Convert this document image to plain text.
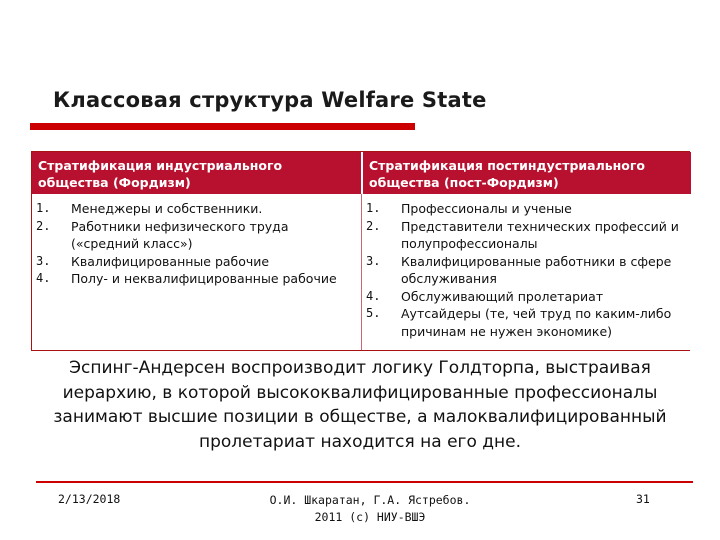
Классовая структура Welfare State
Стратификация индустриального общества (Фордизм)
Стратификация постиндустриального общества (пост-Фордизм)
1.	Менеджеры и собственники.
2.	Работники нефизического труда («средний класс»)
3.	Квалифицированные рабочие
4.	Полу- и неквалифицированные рабочие
1.	Профессионалы и ученые
2.	Представители технических профессий и полупрофессионалы
3.	Квалифицированные работники в сфере обслуживания
4.	Обслуживающий пролетариат
5.	Аутсайдеры (те, чей труд по каким-либо причинам не нужен экономике)
Эспинг-Андерсен воспроизводит логику Голдторпа, выстраивая иерархию, в которой высококвалифицированные профессионалы занимают высшие позиции в обществе, а малоквалифицированный пролетариат находится на его дне.
2/13/2018	О.И. Шкаратан, Г.А. Ястребов.
2011 (c) НИУ-ВШЭ
31
